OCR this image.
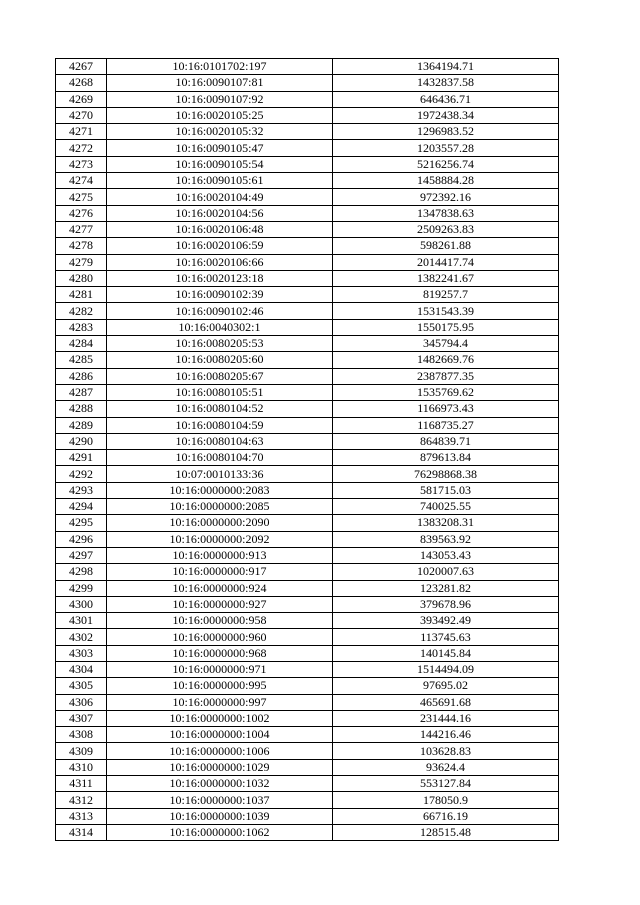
4267	10:16:0101702:197	1364194.71
4268	10:16:0090107:81	1432837.58
4269	10:16:0090107:92	646436.71
4270	10:16:0020105:25	1972438.34
4271	10:16:0020105:32	1296983.52
4272	10:16:0090105:47	1203557.28
4273	10:16:0090105:54	5216256.74
4274	10:16:0090105:61	1458884.28
4275	10:16:0020104:49	972392.16
4276	10:16:0020104:56	1347838.63
4277	10:16:0020106:48	2509263.83
4278	10:16:0020106:59	598261.88
4279	10:16:0020106:66	2014417.74
4280	10:16:0020123:18	1382241.67
4281	10:16:0090102:39	819257.7
4282	10:16:0090102:46	1531543.39
4283	10:16:0040302:1	1550175.95
4284	10:16:0080205:53	345794.4
4285	10:16:0080205:60	1482669.76
4286	10:16:0080205:67	2387877.35
4287	10:16:0080105:51	1535769.62
4288	10:16:0080104:52	1166973.43
4289	10:16:0080104:59	1168735.27
4290	10:16:0080104:63	864839.71
4291	10:16:0080104:70	879613.84
4292	10:07:0010133:36	76298868.38
4293	10:16:0000000:2083	581715.03
4294	10:16:0000000:2085	740025.55
4295	10:16:0000000:2090	1383208.31
4296	10:16:0000000:2092	839563.92
4297	10:16:0000000:913	143053.43
4298	10:16:0000000:917	1020007.63
4299	10:16:0000000:924	123281.82
4300	10:16:0000000:927	379678.96
4301	10:16:0000000:958	393492.49
4302	10:16:0000000:960	113745.63
4303	10:16:0000000:968	140145.84
4304	10:16:0000000:971	1514494.09
4305	10:16:0000000:995	97695.02
4306	10:16:0000000:997	465691.68
4307	10:16:0000000:1002	231444.16
4308	10:16:0000000:1004	144216.46
4309	10:16:0000000:1006	103628.83
4310	10:16:0000000:1029	93624.4
4311	10:16:0000000:1032	553127.84
4312	10:16:0000000:1037	178050.9
4313	10:16:0000000:1039	66716.19
4314	10:16:0000000:1062	128515.48
